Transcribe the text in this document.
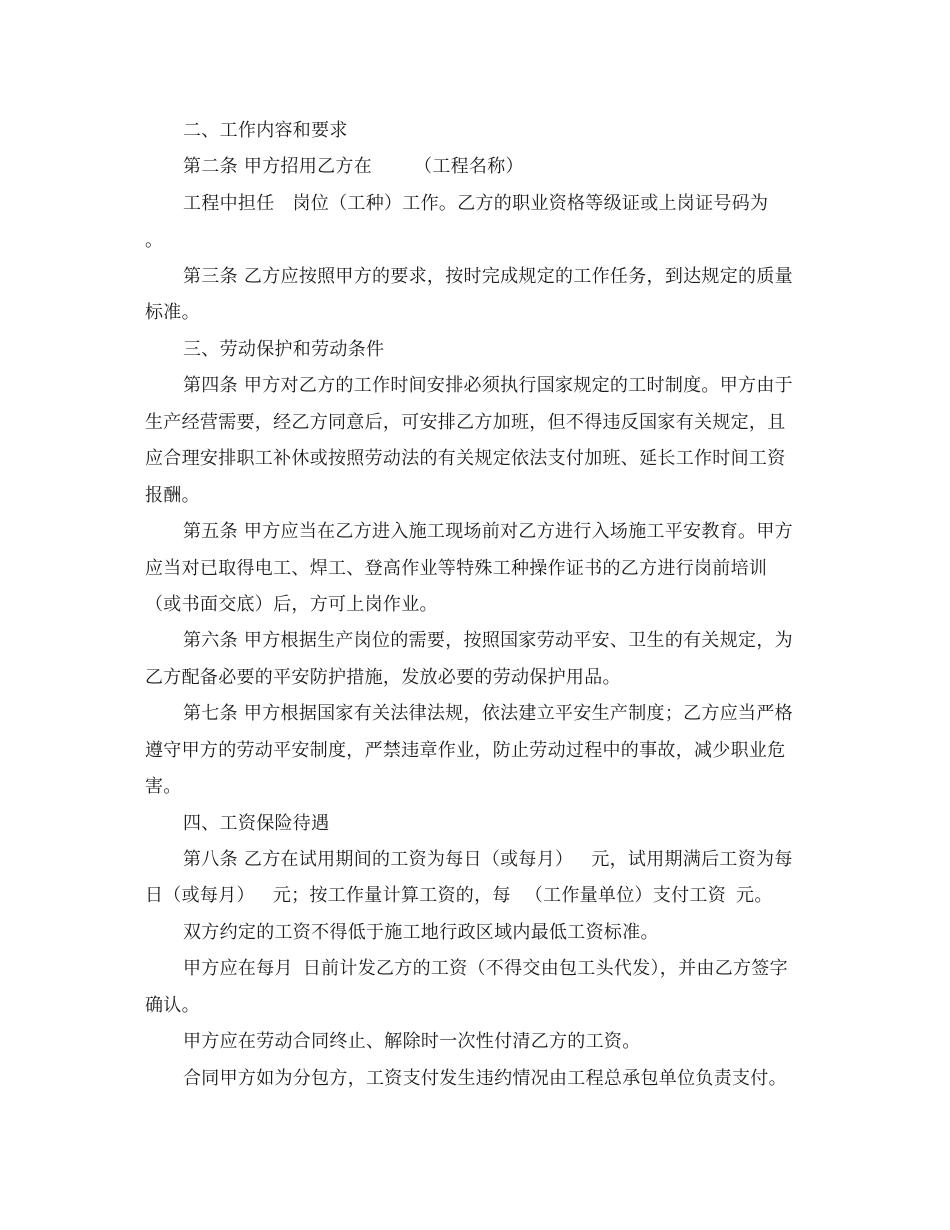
二、工作内容和要求
第二条 甲方招用乙方在 （工程名称）
工程中担任 岗位（工种）工作。乙方的职业资格等级证或上岗证号码为
。
第三条 乙方应按照甲方的要求，按时完成规定的工作任务，到达规定的质量
标准。
三、劳动保护和劳动条件
第四条 甲方对乙方的工作时间安排必须执行国家规定的工时制度。甲方由于
生产经营需要，经乙方同意后，可安排乙方加班，但不得违反国家有关规定，且
应合理安排职工补休或按照劳动法的有关规定依法支付加班、延长工作时间工资
报酬。
第五条 甲方应当在乙方进入施工现场前对乙方进行入场施工平安教育。甲方
应当对已取得电工、焊工、登高作业等特殊工种操作证书的乙方进行岗前培训
（或书面交底）后，方可上岗作业。
第六条 甲方根据生产岗位的需要，按照国家劳动平安、卫生的有关规定，为
乙方配备必要的平安防护措施，发放必要的劳动保护用品。
第七条 甲方根据国家有关法律法规，依法建立平安生产制度；乙方应当严格
遵守甲方的劳动平安制度，严禁违章作业，防止劳动过程中的事故，减少职业危
害。
四、工资保险待遇
第八条 乙方在试用期间的工资为每日（或每月） 元，试用期满后工资为每
日（或每月） 元；按工作量计算工资的，每 （工作量单位）支付工资 元。
双方约定的工资不得低于施工地行政区域内最低工资标准。
甲方应在每月 日前计发乙方的工资（不得交由包工头代发），并由乙方签字
确认。
甲方应在劳动合同终止、解除时一次性付清乙方的工资。
合同甲方如为分包方，工资支付发生违约情况由工程总承包单位负责支付。
